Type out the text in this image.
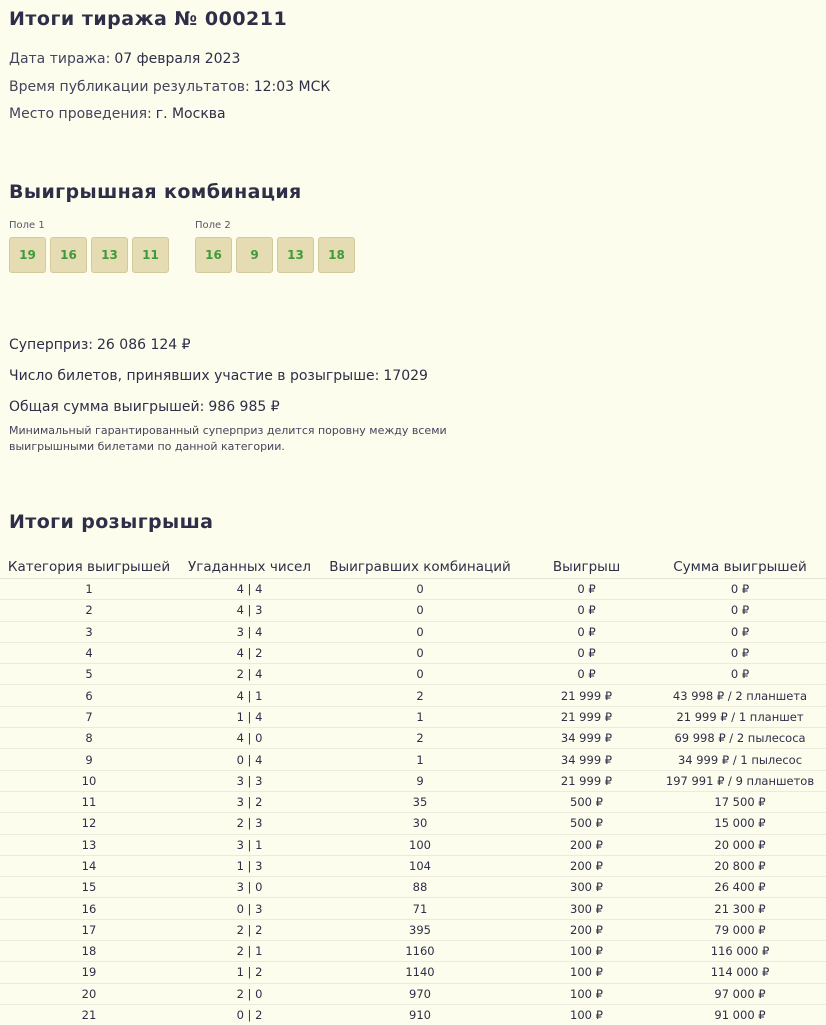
Итоги тиража № 000211
Дата тиража: 07 февраля 2023
Время публикации результатов: 12:03 МСК
Место проведения: г. Москва
Выигрышная комбинация
Поле 1
19	16	13	11
Поле 2
16	9	13	18
Суперприз: 26 086 124 ₽
Число билетов, принявших участие в розыгрыше: 17029
Общая сумма выигрышей: 986 985 ₽

Минимальный гарантированный суперприз делится поровну между всеми выигрышными билетами по данной категории.

Итоги розыгрыша
Категория выигрышей	Угаданных чисел	Выигравших комбинаций	Выигрыш	Сумма выигрышей
1	4 | 4	0	0 ₽	0 ₽
2	4 | 3	0	0 ₽	0 ₽
3	3 | 4	0	0 ₽	0 ₽
4	4 | 2	0	0 ₽	0 ₽
5	2 | 4	0	0 ₽	0 ₽
6	4 | 1	2	21 999 ₽	43 998 ₽ / 2 планшета
7	1 | 4	1	21 999 ₽	21 999 ₽ / 1 планшет
8	4 | 0	2	34 999 ₽	69 998 ₽ / 2 пылесоса
9	0 | 4	1	34 999 ₽	34 999 ₽ / 1 пылесос
10	3 | 3	9	21 999 ₽	197 991 ₽ / 9 планшетов
11	3 | 2	35	500 ₽	17 500 ₽
12	2 | 3	30	500 ₽	15 000 ₽
13	3 | 1	100	200 ₽	20 000 ₽
14	1 | 3	104	200 ₽	20 800 ₽
15	3 | 0	88	300 ₽	26 400 ₽
16	0 | 3	71	300 ₽	21 300 ₽
17	2 | 2	395	200 ₽	79 000 ₽
18	2 | 1	1160	100 ₽	116 000 ₽
19	1 | 2	1140	100 ₽	114 000 ₽
20	2 | 0	970	100 ₽	97 000 ₽
21	0 | 2	910	100 ₽	91 000 ₽
